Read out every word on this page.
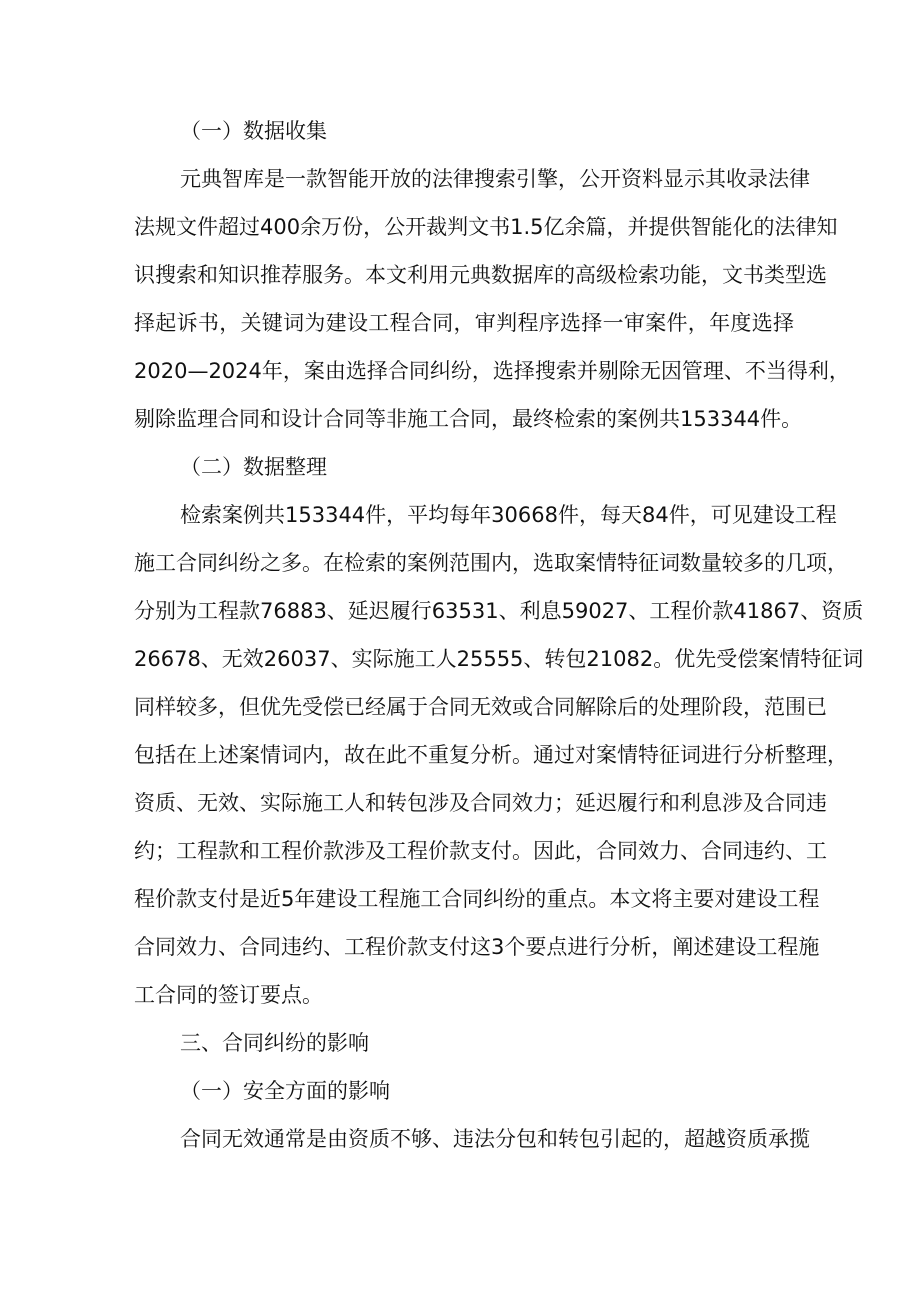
（一）数据收集
元典智库是一款智能开放的法律搜索引擎，公开资料显示其收录法律
法规文件超过400余万份，公开裁判文书1.5亿余篇，并提供智能化的法律知
识搜索和知识推荐服务。本文利用元典数据库的高级检索功能，文书类型选
择起诉书，关键词为建设工程合同，审判程序选择一审案件，年度选择
2020—2024年，案由选择合同纠纷，选择搜索并剔除无因管理、不当得利，
剔除监理合同和设计合同等非施工合同，最终检索的案例共153344件。
（二）数据整理
检索案例共153344件，平均每年30668件，每天84件，可见建设工程
施工合同纠纷之多。在检索的案例范围内，选取案情特征词数量较多的几项，
分别为工程款76883、延迟履行63531、利息59027、工程价款41867、资质
26678、无效26037、实际施工人25555、转包21082。优先受偿案情特征词
同样较多，但优先受偿已经属于合同无效或合同解除后的处理阶段，范围已
包括在上述案情词内，故在此不重复分析。通过对案情特征词进行分析整理，
资质、无效、实际施工人和转包涉及合同效力；延迟履行和利息涉及合同违
约；工程款和工程价款涉及工程价款支付。因此，合同效力、合同违约、工
程价款支付是近5年建设工程施工合同纠纷的重点。本文将主要对建设工程
合同效力、合同违约、工程价款支付这3个要点进行分析，阐述建设工程施
工合同的签订要点。
三、合同纠纷的影响
（一）安全方面的影响
合同无效通常是由资质不够、违法分包和转包引起的，超越资质承揽
